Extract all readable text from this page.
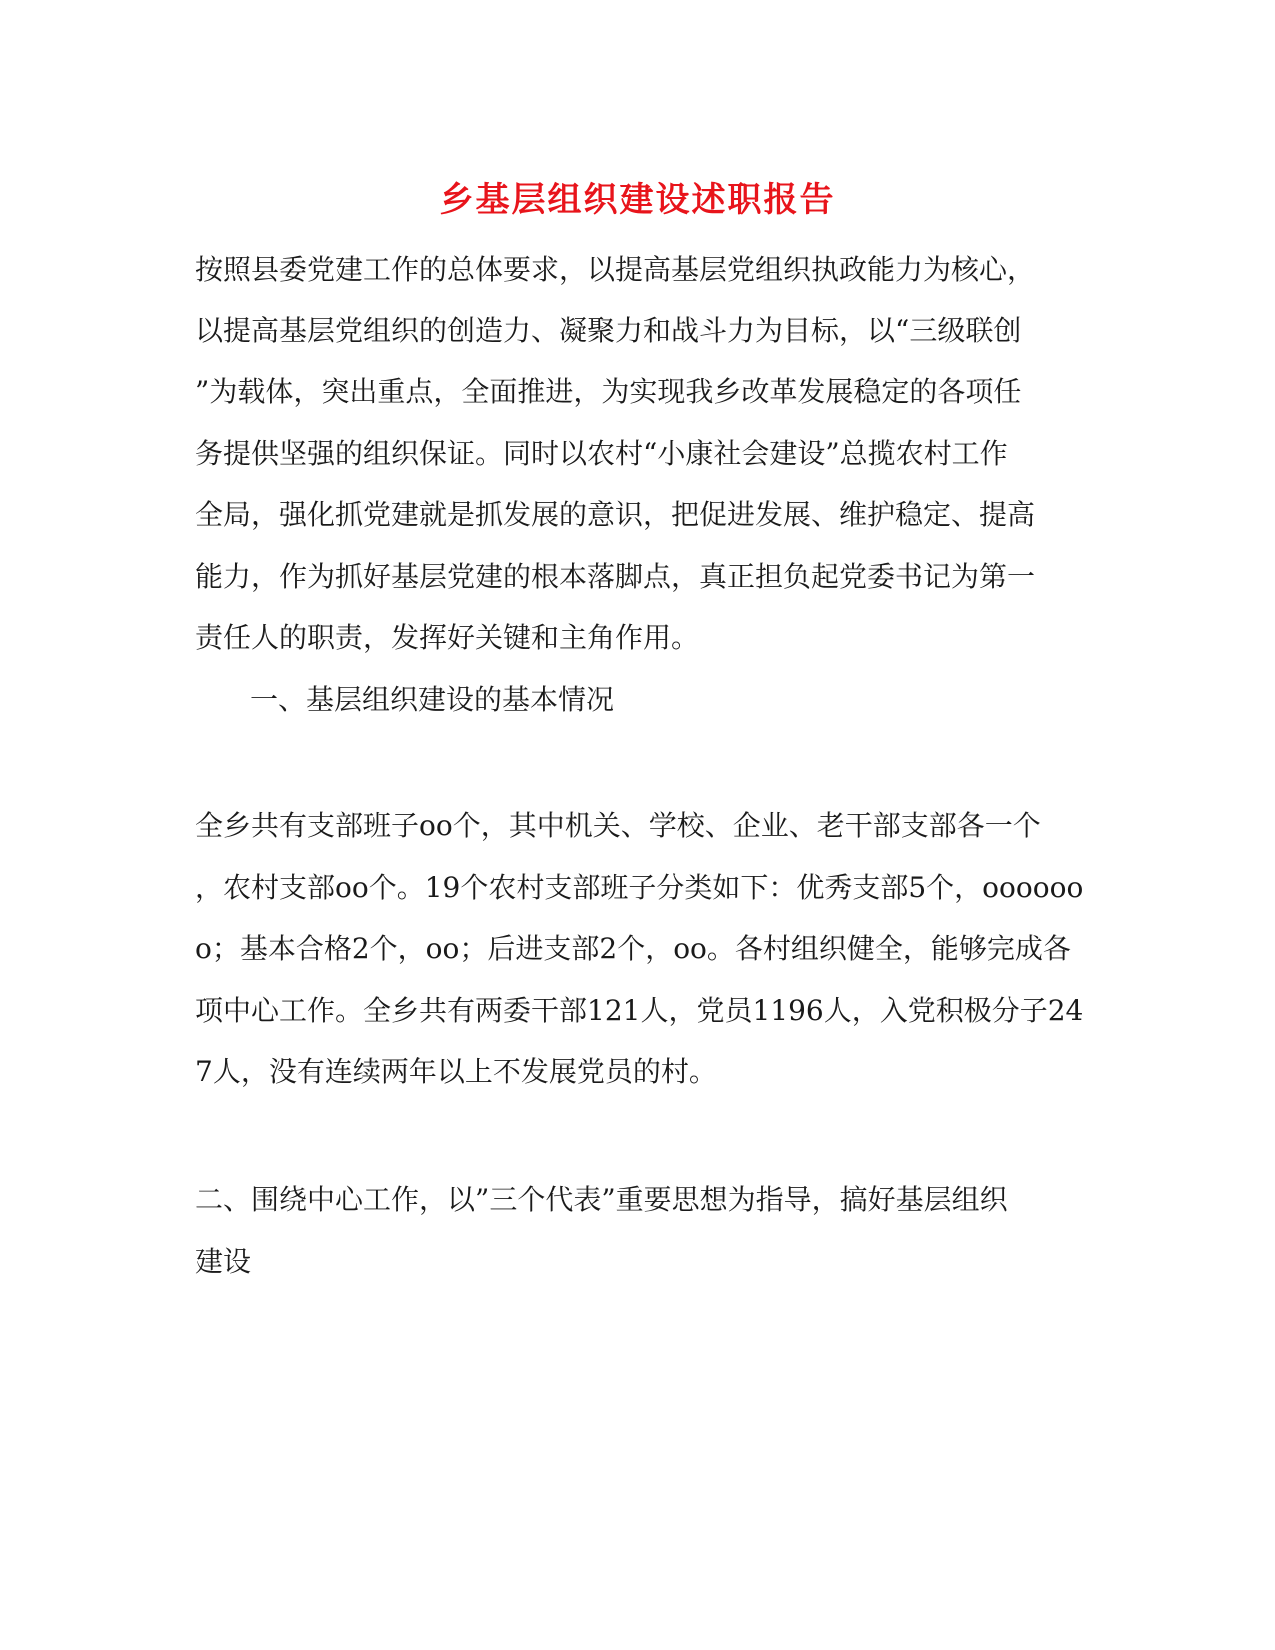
乡基层组织建设述职报告

按照县委党建工作的总体要求，以提高基层党组织执政能力为核心，

以提高基层党组织的创造力、凝聚力和战斗力为目标，以“三级联创

”为载体，突出重点，全面推进，为实现我乡改革发展稳定的各项任

务提供坚强的组织保证。同时以农村“小康社会建设”总揽农村工作

全局，强化抓党建就是抓发展的意识，把促进发展、维护稳定、提高

能力，作为抓好基层党建的根本落脚点，真正担负起党委书记为第一

责任人的职责，发挥好关键和主角作用。

一、基层组织建设的基本情况

全乡共有支部班子oo个，其中机关、学校、企业、老干部支部各一个

，农村支部oo个。19个农村支部班子分类如下：优秀支部5个，oooooo

o；基本合格2个，oo；后进支部2个，oo。各村组织健全，能够完成各

项中心工作。全乡共有两委干部121人，党员1196人，入党积极分子24

7人，没有连续两年以上不发展党员的村。

二、围绕中心工作，以”三个代表”重要思想为指导，搞好基层组织

建设
